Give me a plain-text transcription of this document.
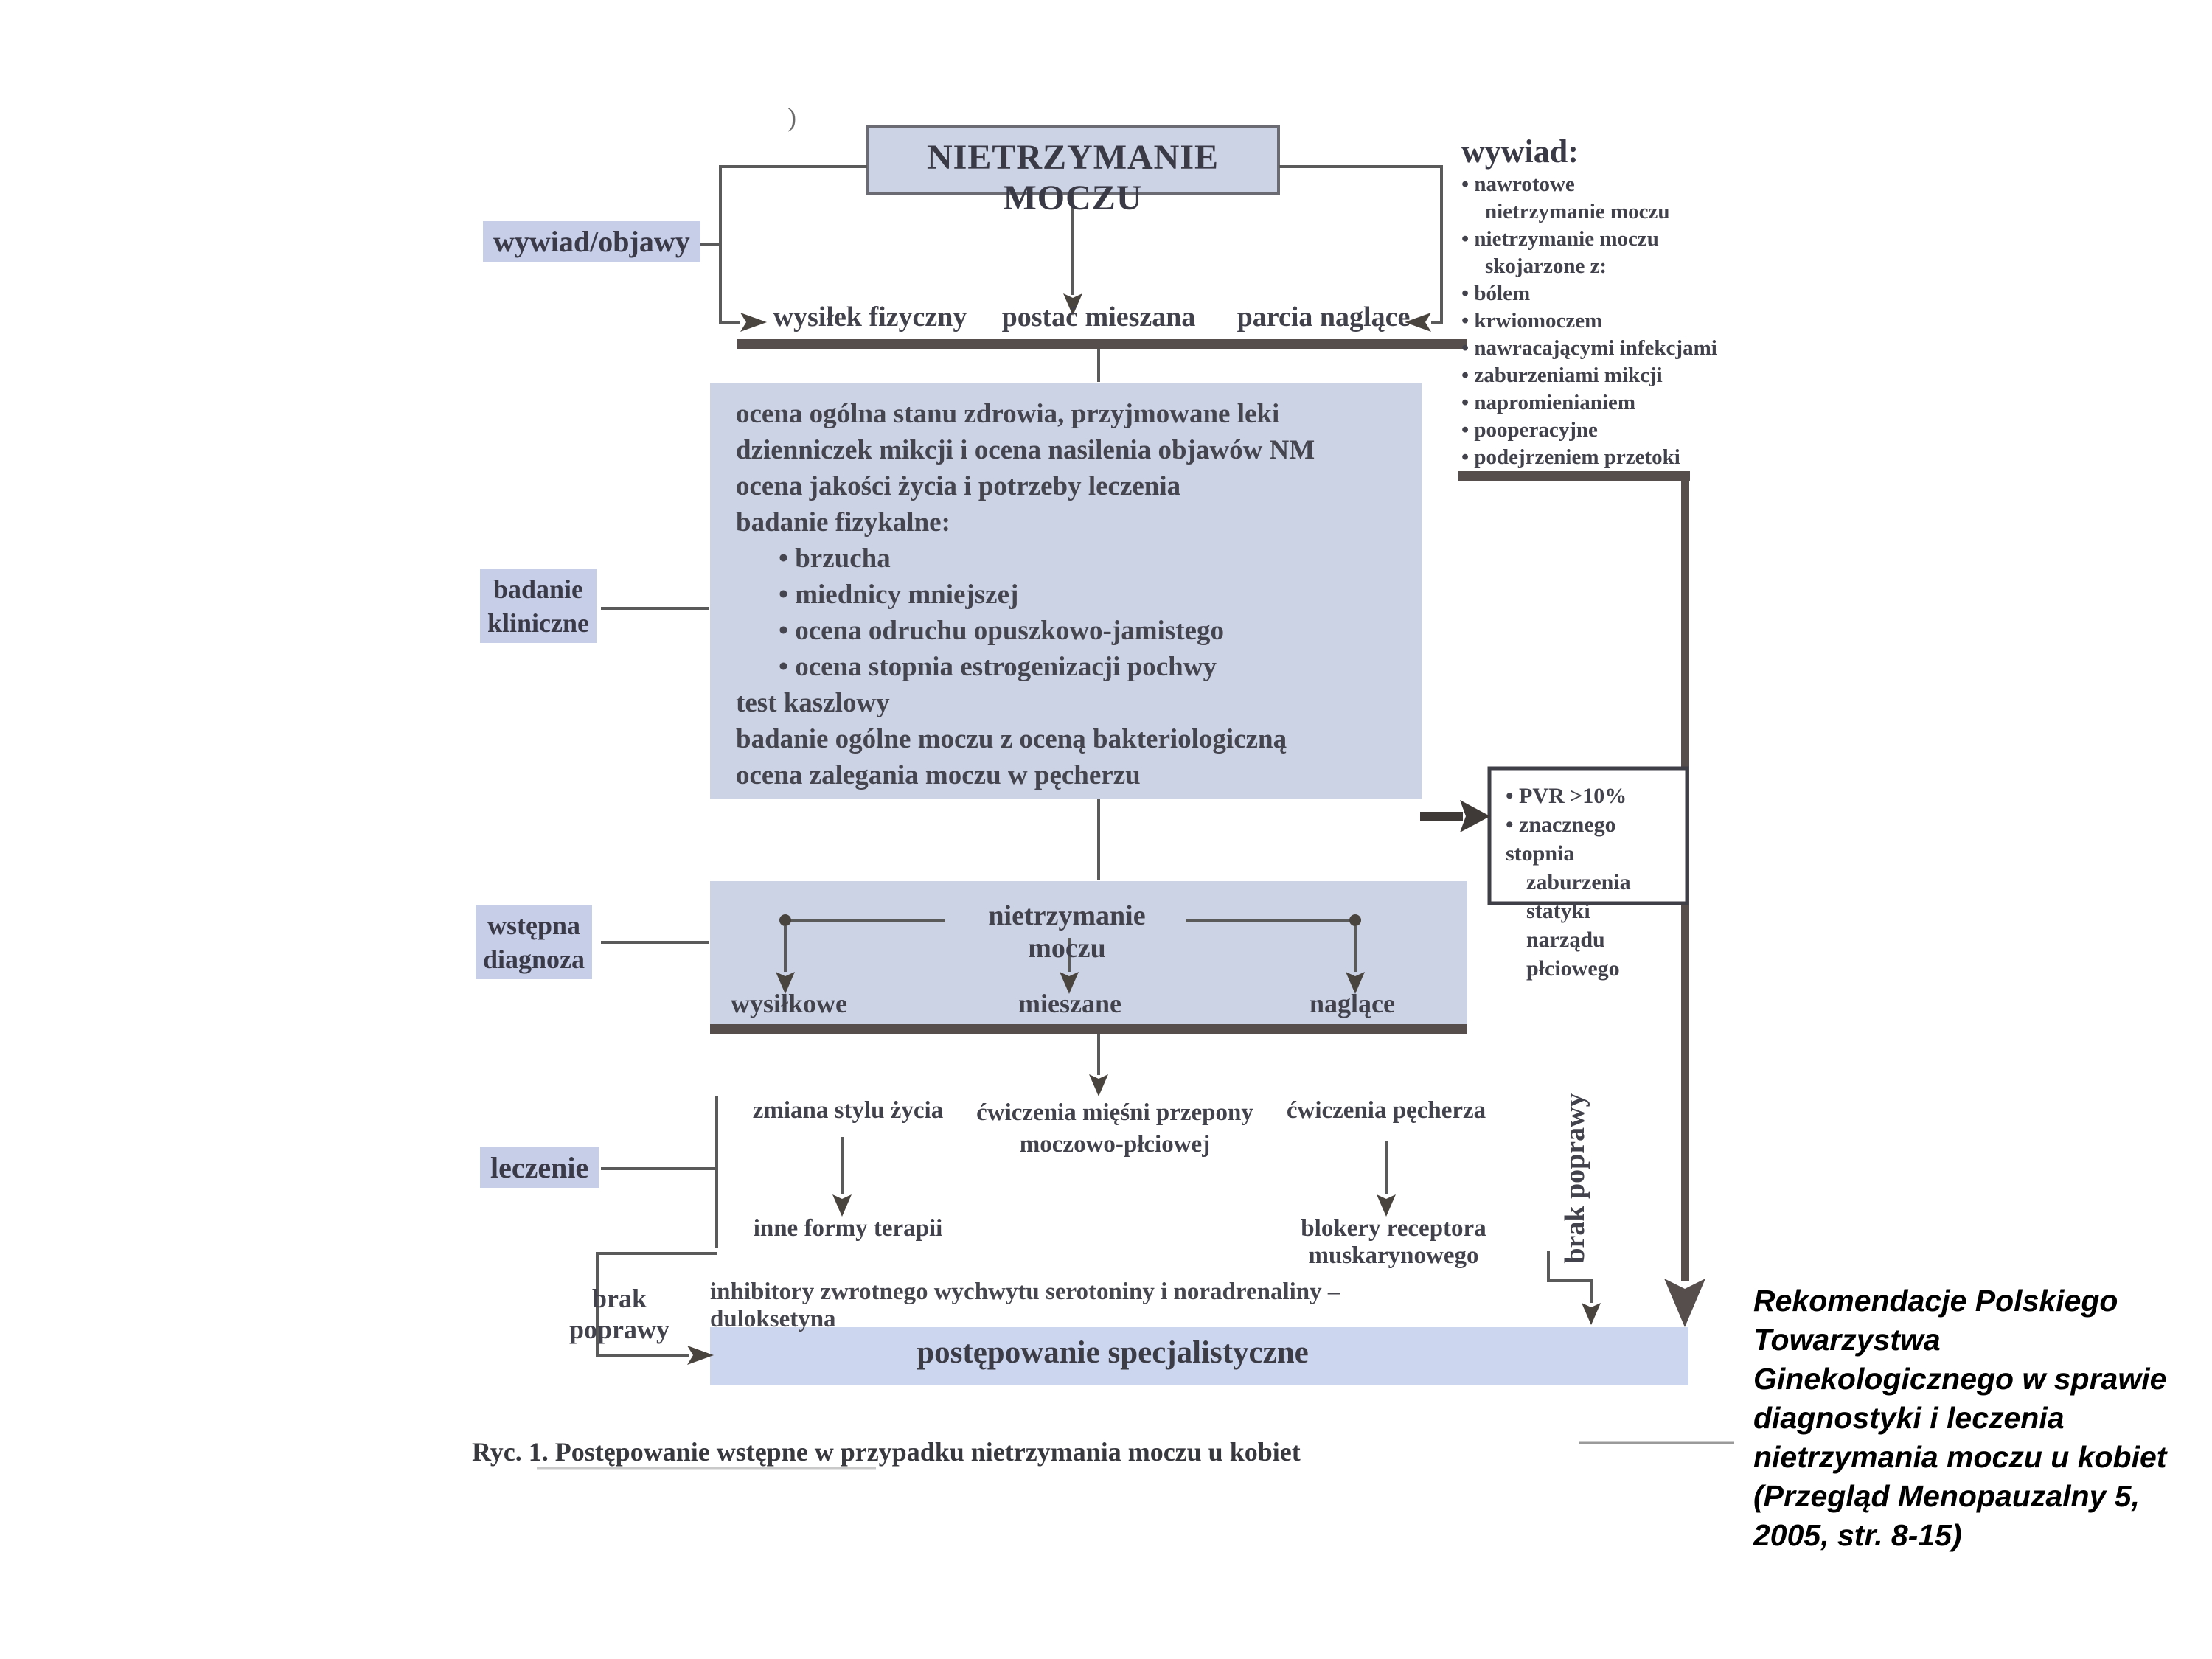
)
NIETRZYMANIE MOCZU
wywiad/objawy
badanie
kliniczne
wstępna
diagnoza
leczenie
wywiad:
• nawrotowe
nietrzymanie moczu
• nietrzymanie moczu
skojarzone z:
• bólem
• krwiomoczem
• nawracającymi infekcjami
• zaburzeniami mikcji
• napromienianiem
• pooperacyjne
• podejrzeniem przetoki
wysiłek fizyczny	postać mieszana	parcia naglące
ocena ogólna stanu zdrowia, przyjmowane leki
dzienniczek mikcji i ocena nasilenia objawów NM
ocena jakości życia i potrzeby leczenia
badanie fizykalne:
• brzucha
• miednicy mniejszej
• ocena odruchu opuszkowo-jamistego
• ocena stopnia estrogenizacji pochwy
test kaszlowy
badanie ogólne moczu z oceną bakteriologiczną
ocena zalegania moczu w pęcherzu
• PVR >10%
• znacznego stopnia
zaburzenia statyki
narządu płciowego
nietrzymanie moczu
wysiłkowe	mieszane	naglące
zmiana stylu życia	ćwiczenia mięśni przepony
moczowo-płciowej
ćwiczenia pęcherza
inne formy terapii	blokery receptora muskarynowego
brak poprawy
brak poprawy
inhibitory zwrotnego wychwytu serotoniny i noradrenaliny – duloksetyna
postępowanie specjalistyczne
Ryc. 1. Postępowanie wstępne w przypadku nietrzymania moczu u kobiet
Rekomendacje Polskiego
Towarzystwa
Ginekologicznego w sprawie
diagnostyki i leczenia
nietrzymania moczu u kobiet
(Przegląd Menopauzalny 5,
2005, str. 8-15)
